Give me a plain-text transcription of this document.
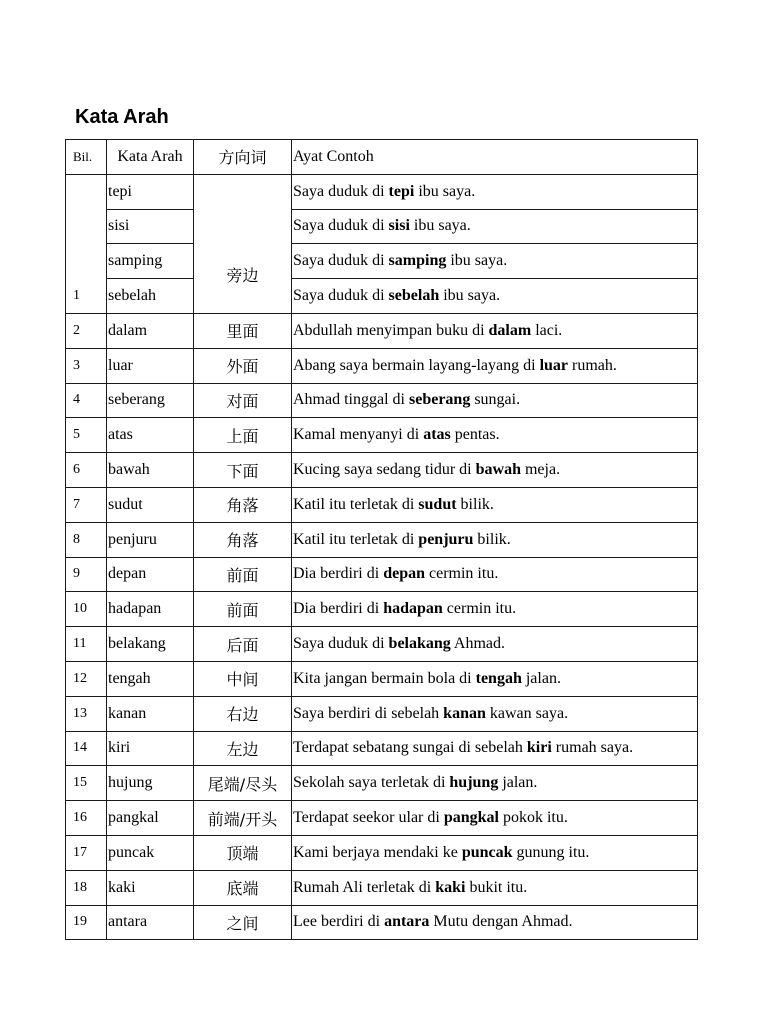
Kata Arah
Bil.	Kata Arah	方向词	Ayat Contoh
1	tepi	旁边	Saya duduk di tepi ibu saya.
	sisi		Saya duduk di sisi ibu saya.
	samping		Saya duduk di samping ibu saya.
	sebelah		Saya duduk di sebelah ibu saya.
2	dalam	里面	Abdullah menyimpan buku di dalam laci.
3	luar	外面	Abang saya bermain layang-layang di luar rumah.
4	seberang	对面	Ahmad tinggal di seberang sungai.
5	atas	上面	Kamal menyanyi di atas pentas.
6	bawah	下面	Kucing saya sedang tidur di bawah meja.
7	sudut	角落	Katil itu terletak di sudut bilik.
8	penjuru	角落	Katil itu terletak di penjuru bilik.
9	depan	前面	Dia berdiri di depan cermin itu.
10	hadapan	前面	Dia berdiri di hadapan cermin itu.
11	belakang	后面	Saya duduk di belakang Ahmad.
12	tengah	中间	Kita jangan bermain bola di tengah jalan.
13	kanan	右边	Saya berdiri di sebelah kanan kawan saya.
14	kiri	左边	Terdapat sebatang sungai di sebelah kiri rumah saya.
15	hujung	尾端/尽头	Sekolah saya terletak di hujung jalan.
16	pangkal	前端/开头	Terdapat seekor ular di pangkal pokok itu.
17	puncak	顶端	Kami berjaya mendaki ke puncak gunung itu.
18	kaki	底端	Rumah Ali terletak di kaki bukit itu.
19	antara	之间	Lee berdiri di antara Mutu dengan Ahmad.
